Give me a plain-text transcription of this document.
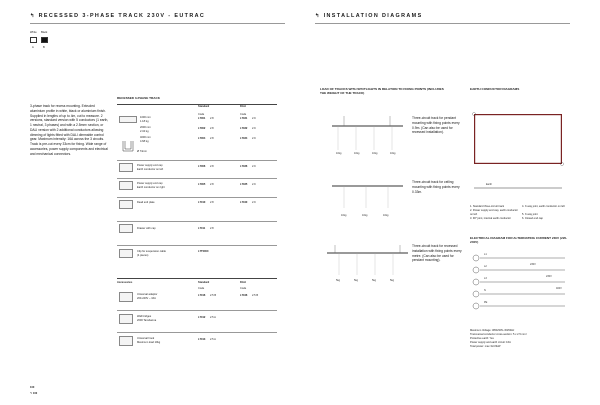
↰ RECESSED 3-PHASE TRACK 230V - EUTRAC
White Black
A	B
3-phase track for recess mounting. Extruded aluminium profile in white, black or aluminium finish. Supplied in lengths of up to 4m, cut to measure. 2 versions, standard version with 5 conductors (1 earth, 1 neutral, 3 phases) and with a 2.5mm² section, or DALI version with 2 additional conductors allowing dimming of lights fitted with DALI dimmable control gear. Maximum intensity: 16A across the 3 circuits. Track is pre-cut every 33cm for fixing. Wide range of accessories, power supply components and electrical and mechanical connectors.
RECESSED 3-PHASE TRACK
Standard	DALI
Code	Code
1000 mm
1.18 kg
L7001 2.8	L7031 2.9
2000 mm
2.34 kg
L7002 2.8	L7032 2.9
4000 mm
4.68 kg
L7004 2.8	L7034 2.9
Ø 74mm
Power supply end cap
Earth conductor on left
L7006 2.8	L7036 2.9
Power supply end cap
Earth conductor on right
L7005 2.8	L7035 2.9
Dead end plate	L7010 2.8	L7040 2.9
Drawer with cap	L7011 2.8
Clip for suspension cable
(4 pieces)
L7T0000
Accessories	Standard	DALI
Code	Code
Universal adaptor
200-240V ~ 16A
L7016 2.5 B	L7046 2.5 B
Wall bridges
2000 Tansbanna
L7012 2.5 A
Universal hook
Maximum load 10kg
L7013 2.5 A
100
↰ 100
↰ INSTALLATION DIAGRAMS
LOAD OF TRACKS WITH SPOTLIGHTS IN RELATION TO FIXING POINTS (INCLUDES THE WEIGHT OF THE TRACK)
EARTH CONDUCTOR DIAGRAMS
10kg	10kg	10kg	10kg
Three-circuit track for pendant mounting with fixing points every 0.9m. (Can also be used for recessed installation).
10kg	10kg	10kg
Three-circuit track for ceiling mounting with fixing points every 0.33m.
5kg	5kg	5kg	5kg
Three-circuit track for recessed installation with fixing points every metre. (Can also be used for pendant mounting).
Earth
1. Standard three-circuit track
2. Power supply end cap, earth conductor on left
3. 90° joint, internal earth conductor
4. X-way joint, earth conductor on left
5. X-way joint
6. Closed end cap
ELECTRICAL DIAGRAM FOR ALTERNATING CURRENT 230V (220-240V)
L1
L2
L3
N
PE
230V
230V
400V
Maximum Voltage: 380/230V~50/60Hz
Transversal conductor cross-section: 5 x 2.5 mm²
Protective earth: Yes
Power supply and earth circuit: 16A
Total power: max 3x3.6kW
